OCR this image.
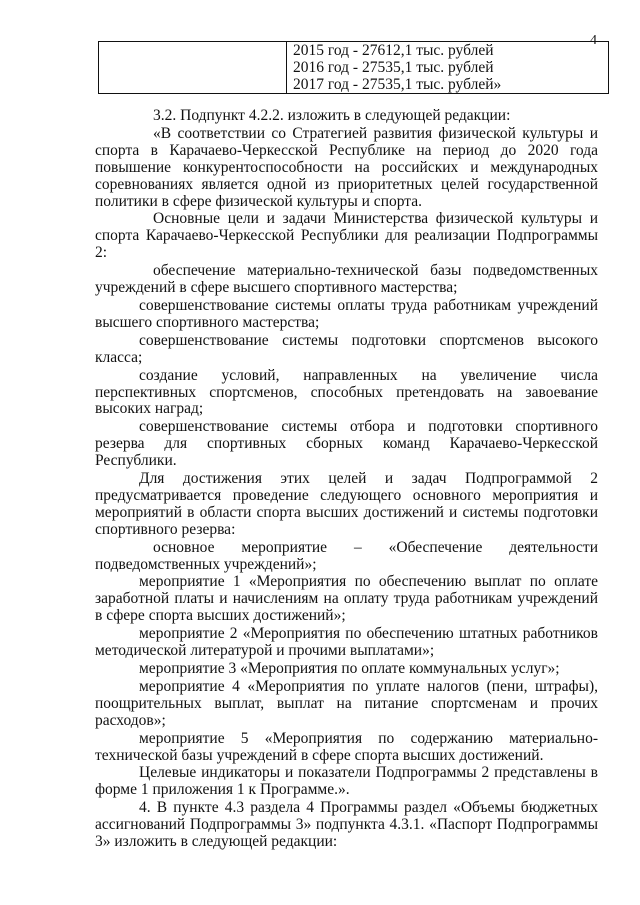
4

2015 год - 27612,1 тыс. рублей
2016 год - 27535,1 тыс. рублей
2017 год - 27535,1 тыс. рублей»

3.2. Подпункт 4.2.2. изложить в следующей редакции:

«В соответствии со Стратегией развития физической культуры и спорта в Карачаево-Черкесской Республике на период до 2020 года повышение конкурентоспособности на российских и международных соревнованиях является одной из приоритетных целей государственной политики в сфере физической культуры и спорта.

Основные цели и задачи Министерства физической культуры и спорта Карачаево-Черкесской Республики для реализации Подпрограммы 2:

обеспечение материально-технической базы подведомственных учреждений в сфере высшего спортивного мастерства;

совершенствование системы оплаты труда работникам учреждений высшего спортивного мастерства;

совершенствование системы подготовки спортсменов высокого класса;

создание условий, направленных на увеличение числа перспективных спортсменов, способных претендовать на завоевание высоких наград;

совершенствование системы отбора и подготовки спортивного резерва для спортивных сборных команд Карачаево-Черкесской Республики.

Для достижения этих целей и задач Подпрограммой 2 предусматривается проведение следующего основного мероприятия и мероприятий в области спорта высших достижений и системы подготовки спортивного резерва:

основное мероприятие – «Обеспечение деятельности подведомственных учреждений»;

мероприятие 1 «Мероприятия по обеспечению выплат по оплате заработной платы и начислениям на оплату труда работникам учреждений в сфере спорта высших достижений»;

мероприятие 2 «Мероприятия по обеспечению штатных работников методической литературой и прочими выплатами»;

мероприятие 3 «Мероприятия по оплате коммунальных услуг»;

мероприятие 4 «Мероприятия по уплате налогов (пени, штрафы), поощрительных выплат, выплат на питание спортсменам и прочих расходов»;

мероприятие 5 «Мероприятия по содержанию материально-технической базы учреждений в сфере спорта высших достижений.

Целевые индикаторы и показатели Подпрограммы 2 представлены в форме 1 приложения 1 к Программе.».

4. В пункте 4.3 раздела 4 Программы раздел «Объемы бюджетных ассигнований Подпрограммы 3» подпункта 4.3.1. «Паспорт Подпрограммы 3» изложить в следующей редакции:
